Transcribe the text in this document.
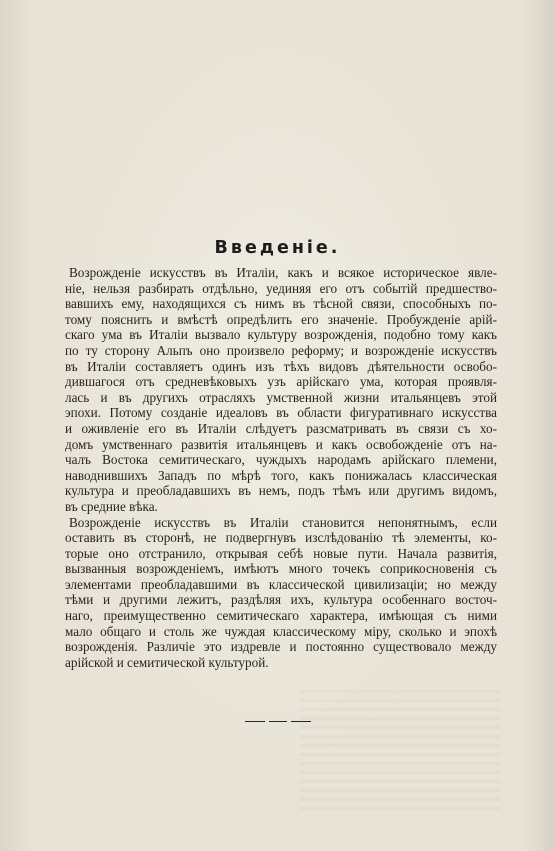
Введенiе.
Возрожденiе искусствъ въ Италiи, какъ и всякое историческое явле-
нiе, нельзя разбирать отдѣльно, уединяя его отъ событiй предшество-
вавшихъ ему, находящихся съ нимъ въ тѣсной связи, способныхъ по-
тому пояснить и вмѣстѣ опредѣлить его значенiе. Пробужденiе арiй-
скаго ума въ Италiи вызвало культуру возрожденiя, подобно тому какъ
по ту сторону Альпъ оно произвело реформу; и возрожденiе искусствъ
въ Италiи составляетъ одинъ изъ тѣхъ видовъ дѣятельности освобо-
дившагося отъ средневѣковыхъ узъ арiйскаго ума, которая проявля-
лась и въ другихъ отрасляхъ умственной жизни итальянцевъ этой
эпохи. Потому созданiе идеаловъ въ области фигуративнаго искусства
и оживленiе его въ Италiи слѣдуетъ разсматривать въ связи съ хо-
домъ умственнаго развитiя итальянцевъ и какъ освобожденiе отъ на-
чалъ Востока семитическаго, чуждыхъ народамъ арiйскаго племени,
наводнившихъ Западъ по мѣрѣ того, какъ понижалась классическая
культура и преобладавшихъ въ немъ, подъ тѣмъ или другимъ видомъ,
въ средние вѣка.
Возрожденiе искусствъ въ Италiи становится непонятнымъ, если
оставить въ сторонѣ, не подвергнувъ изслѣдованiю тѣ элементы, ко-
торые оно отстранило, открывая себѣ новые пути. Начала развитiя,
вызванныя возрожденiемъ, имѣютъ много точекъ соприкосновенiя съ
элементами преобладавшими въ классической цивилизацiи; но между
тѣми и другими лежитъ, раздѣляя ихъ, культура особеннаго восточ-
наго, преимущественно семитическаго характера, имѣющая съ ними
мало общаго и столь же чуждая классическому мiру, сколько и эпохѣ
возрожденiя. Различiе это издревле и постоянно существовало между
арiйской и семитической культурой.
